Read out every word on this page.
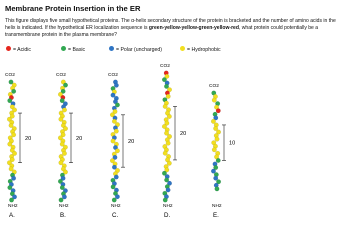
Membrane Protein Insertion in the ER
This figure displays five small hypothetical proteins. The α-helix secondary structure of the protein is bracketed and the number of amino acids in the helix is indicated. If the hypothetical ER localization sequence is green-yellow-yellow-green-yellow-red, what protein could potentially be a transmembrane protein in the plasma membrane?
= Acidic	= Basic	= Polar (uncharged)	= Hydrophobic
CO2
20
NH2
A.
CO2
20
NH2
B.
CO2
20
NH2
C.
CO2
20
NH2
D.
CO2
10
NH2
E.
